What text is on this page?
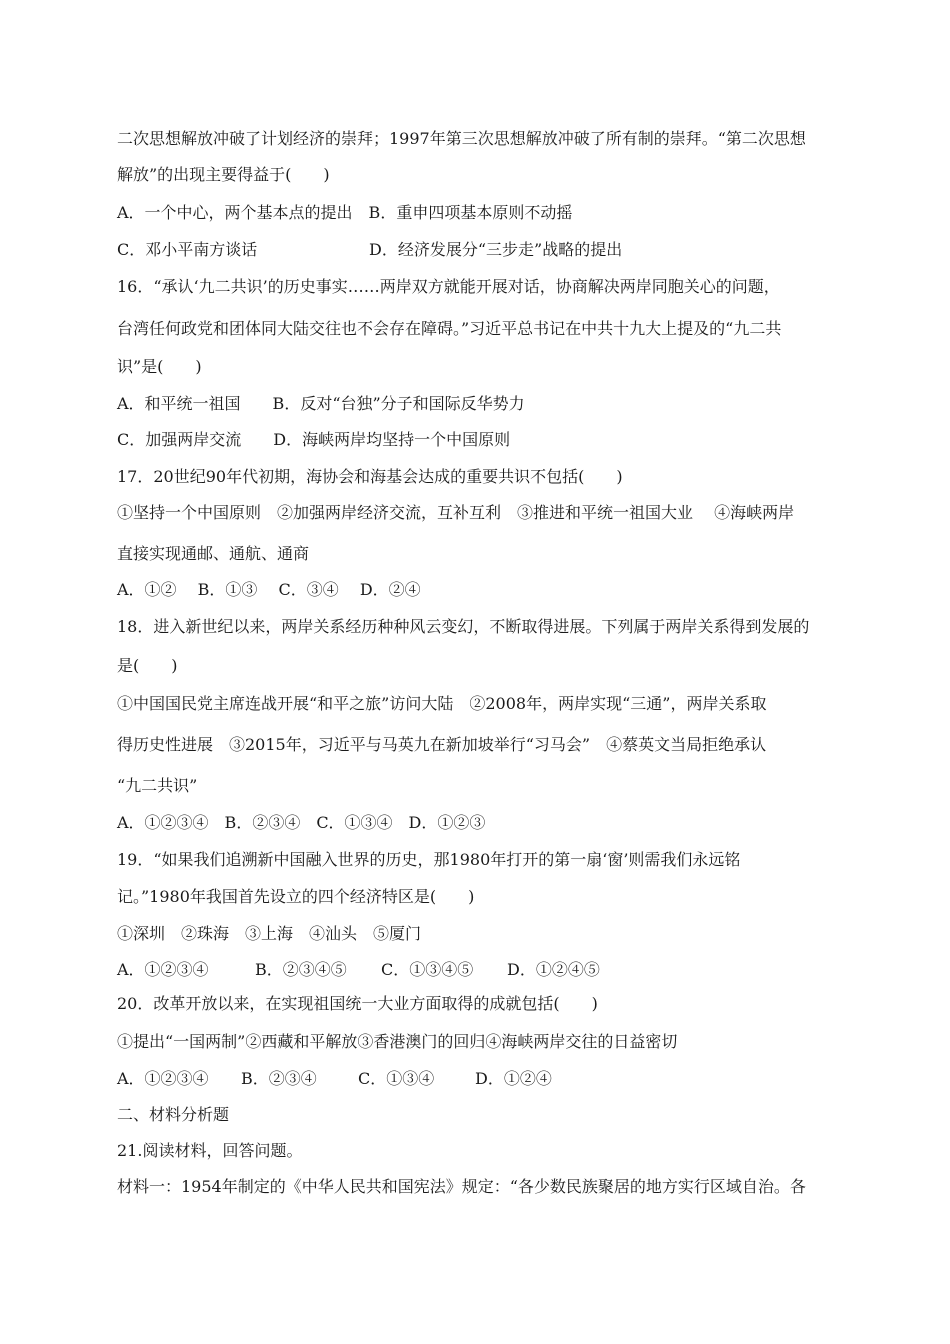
二次思想解放冲破了计划经济的崇拜；1997年第三次思想解放冲破了所有制的崇拜。“第二次思想
解放”的出现主要得益于(　　)
A．一个中心，两个基本点的提出　B．重申四项基本原则不动摇
C．邓小平南方谈话	D．经济发展分“三步走”战略的提出
16．“承认‘九二共识’的历史事实……两岸双方就能开展对话，协商解决两岸同胞关心的问题，
台湾任何政党和团体同大陆交往也不会存在障碍。”习近平总书记在中共十九大上提及的“九二共
识”是(　　)
A．和平统一祖国　　B．反对“台独”分子和国际反华势力
C．加强两岸交流　　D．海峡两岸均坚持一个中国原则
17．20世纪90年代初期，海协会和海基会达成的重要共识不包括(　　)
①坚持一个中国原则　②加强两岸经济交流，互补互利　③推进和平统一祖国大业　 ④海峡两岸
直接实现通邮、通航、通商
A．①②　 B．①③　 C．③④　 D．②④
18．进入新世纪以来，两岸关系经历种种风云变幻，不断取得进展。下列属于两岸关系得到发展的
是(　　)
①中国国民党主席连战开展“和平之旅”访问大陆　②2008年，两岸实现“三通”，两岸关系取
得历史性进展　③2015年，习近平与马英九在新加坡举行“习马会”　④蔡英文当局拒绝承认
“九二共识”
A．①②③④　B．②③④　C．①③④　D．①②③
19．“如果我们追溯新中国融入世界的历史，那1980年打开的第一扇‘窗’则需我们永远铭
记。”1980年我国首先设立的四个经济特区是(　　)
①深圳　②珠海　③上海　④汕头　⑤厦门
A．①②③④	B．②③④⑤ C．①③④⑤ D．①②④⑤
20．改革开放以来，在实现祖国统一大业方面取得的成就包括(　　)
①提出“一国两制”②西藏和平解放③香港澳门的回归④海峡两岸交往的日益密切
A．①②③④ B．②③④	C．①③④	D．①②④
二、材料分析题
21.阅读材料，回答问题。
材料一：1954年制定的《中华人民共和国宪法》规定：“各少数民族聚居的地方实行区域自治。各
